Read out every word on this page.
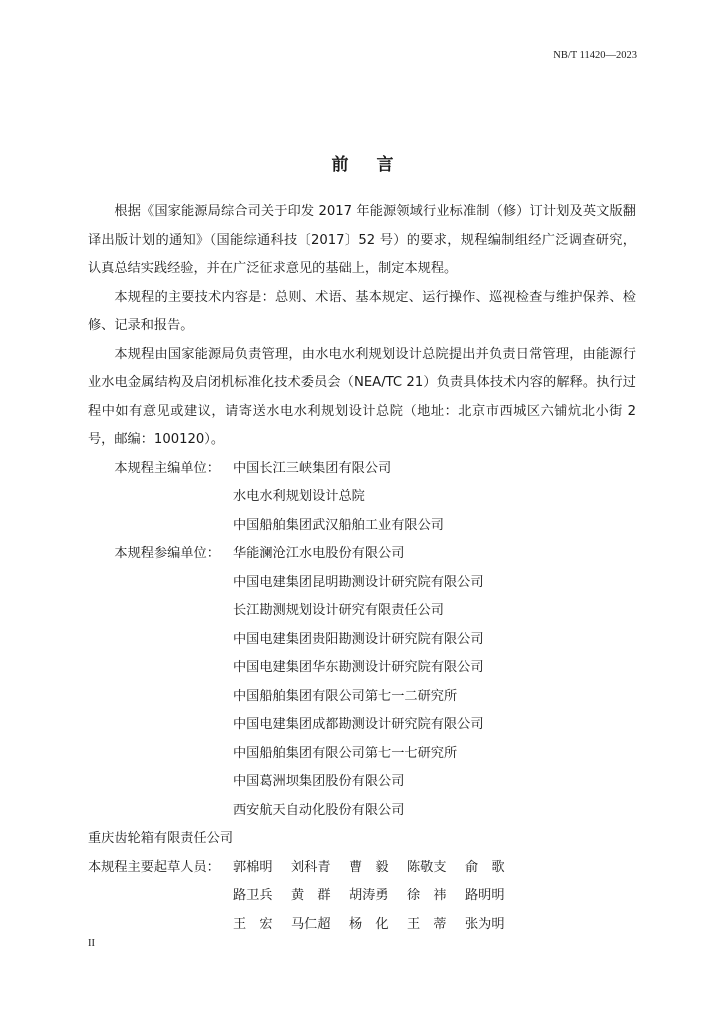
NB/T 11420—2023
前言

根据《国家能源局综合司关于印发 2017 年能源领域行业标准制（修）订计划及英文版翻译出版计划的通知》（国能综通科技〔2017〕52 号）的要求，规程编制组经广泛调查研究，认真总结实践经验，并在广泛征求意见的基础上，制定本规程。

本规程的主要技术内容是：总则、术语、基本规定、运行操作、巡视检查与维护保养、检修、记录和报告。

本规程由国家能源局负责管理，由水电水利规划设计总院提出并负责日常管理，由能源行业水电金属结构及启闭机标准化技术委员会（NEA/TC 21）负责具体技术内容的解释。执行过程中如有意见或建议，请寄送水电水利规划设计总院（地址：北京市西城区六铺炕北小街 2 号，邮编：100120）。

本规程主编单位： 中国长江三峡集团有限公司
水电水利规划设计总院
中国船舶集团武汉船舶工业有限公司
本规程参编单位： 华能澜沧江水电股份有限公司
中国电建集团昆明勘测设计研究院有限公司
长江勘测规划设计研究有限责任公司
中国电建集团贵阳勘测设计研究院有限公司
中国电建集团华东勘测设计研究院有限公司
中国船舶集团有限公司第七一二研究所
中国电建集团成都勘测设计研究院有限公司
中国船舶集团有限公司第七一七研究所
中国葛洲坝集团股份有限公司
西安航天自动化股份有限公司

重庆齿轮箱有限责任公司

本规程主要起草人员： 郭棉明	刘科青	曹　毅	陈敬支	俞　歌
路卫兵	黄　群	胡涛勇	徐　祎	路明明
王　宏	马仁超	杨　化	王　蒂	张为明
II
